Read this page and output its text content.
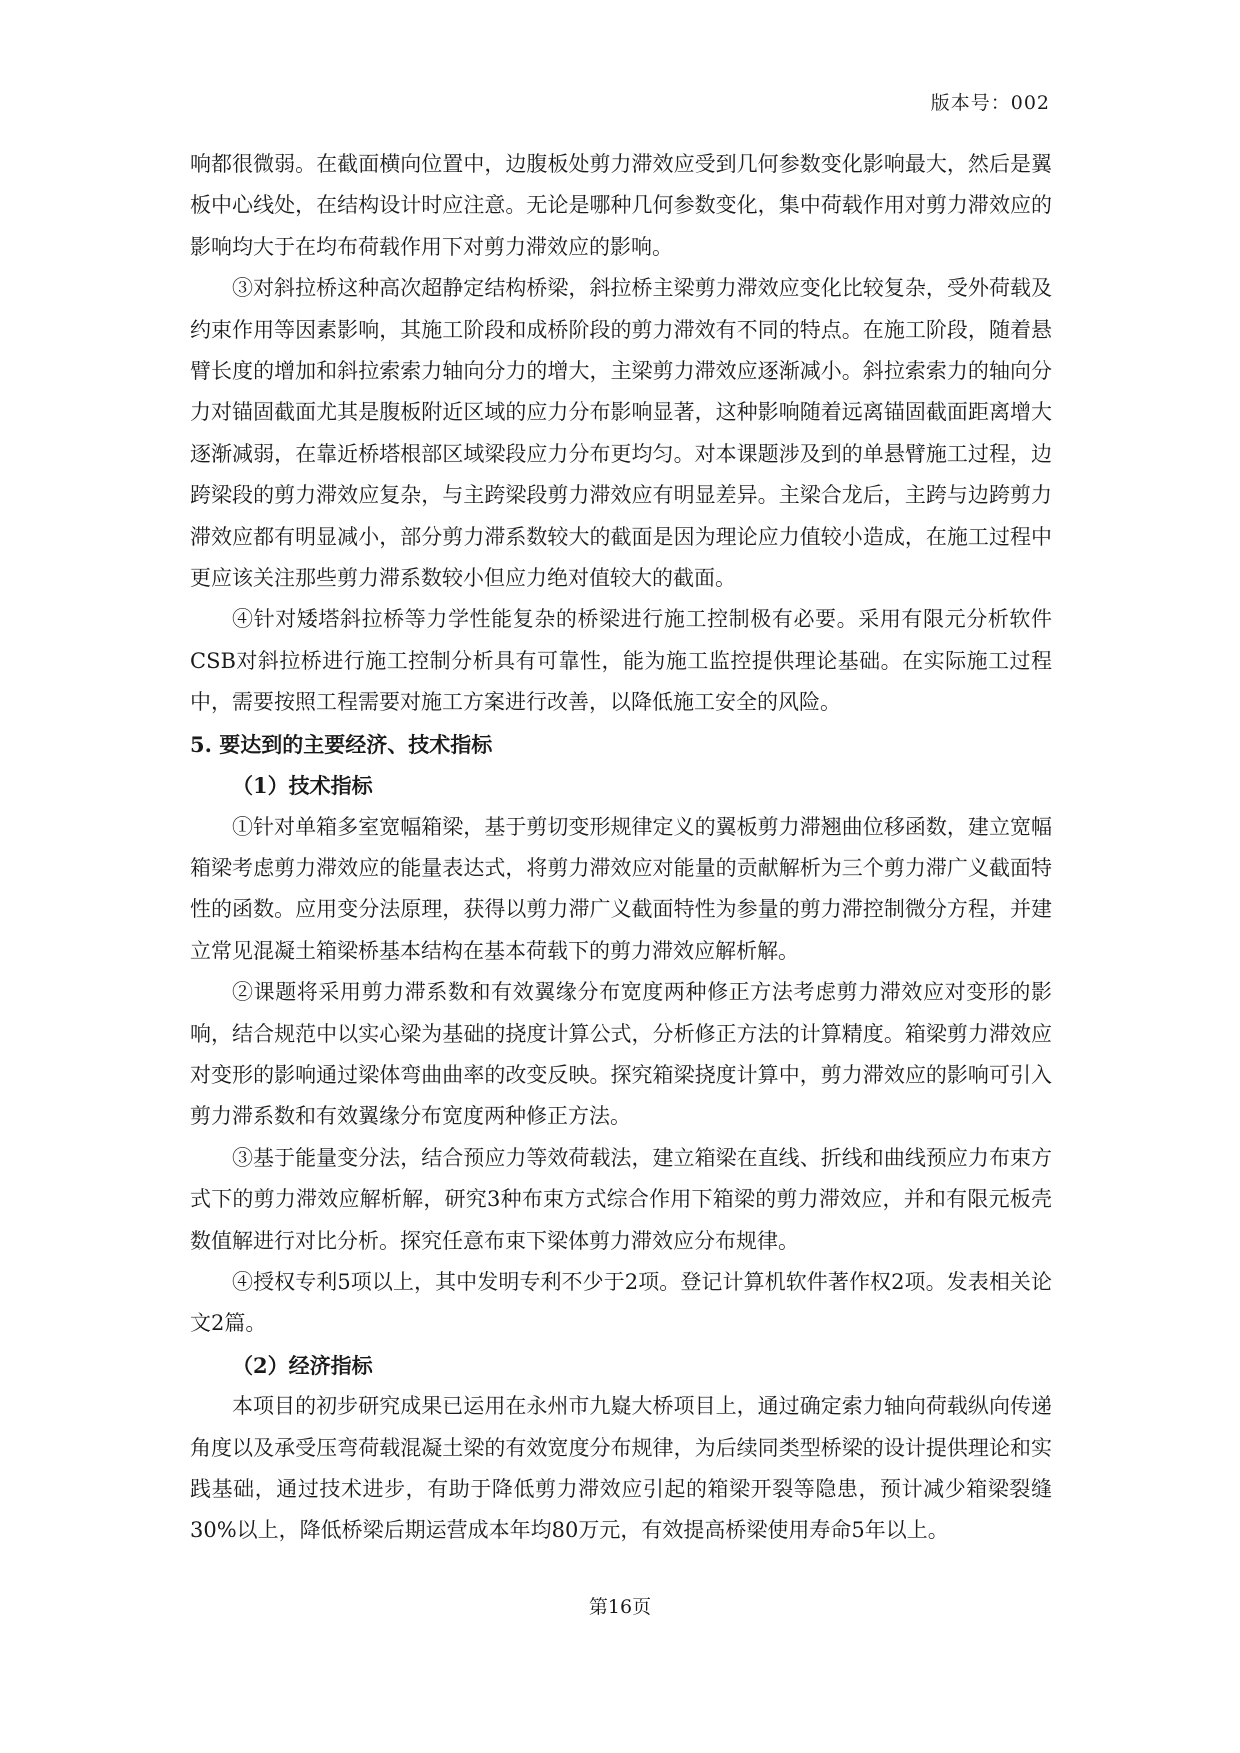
版本号：002

响都很微弱。在截面横向位置中，边腹板处剪力滞效应受到几何参数变化影响最大，然后是翼板中心线处，在结构设计时应注意。无论是哪种几何参数变化，集中荷载作用对剪力滞效应的影响均大于在均布荷载作用下对剪力滞效应的影响。

③对斜拉桥这种高次超静定结构桥梁，斜拉桥主梁剪力滞效应变化比较复杂，受外荷载及约束作用等因素影响，其施工阶段和成桥阶段的剪力滞效有不同的特点。在施工阶段，随着悬臂长度的增加和斜拉索索力轴向分力的增大，主梁剪力滞效应逐渐减小。斜拉索索力的轴向分力对锚固截面尤其是腹板附近区域的应力分布影响显著，这种影响随着远离锚固截面距离增大逐渐减弱，在靠近桥塔根部区域梁段应力分布更均匀。对本课题涉及到的单悬臂施工过程，边跨梁段的剪力滞效应复杂，与主跨梁段剪力滞效应有明显差异。主梁合龙后，主跨与边跨剪力滞效应都有明显减小，部分剪力滞系数较大的截面是因为理论应力值较小造成，在施工过程中更应该关注那些剪力滞系数较小但应力绝对值较大的截面。

④针对矮塔斜拉桥等力学性能复杂的桥梁进行施工控制极有必要。采用有限元分析软件CSB对斜拉桥进行施工控制分析具有可靠性，能为施工监控提供理论基础。在实际施工过程中，需要按照工程需要对施工方案进行改善，以降低施工安全的风险。

5. 要达到的主要经济、技术指标
（1）技术指标

①针对单箱多室宽幅箱梁，基于剪切变形规律定义的翼板剪力滞翘曲位移函数，建立宽幅箱梁考虑剪力滞效应的能量表达式，将剪力滞效应对能量的贡献解析为三个剪力滞广义截面特性的函数。应用变分法原理，获得以剪力滞广义截面特性为参量的剪力滞控制微分方程，并建立常见混凝土箱梁桥基本结构在基本荷载下的剪力滞效应解析解。

②课题将采用剪力滞系数和有效翼缘分布宽度两种修正方法考虑剪力滞效应对变形的影响，结合规范中以实心梁为基础的挠度计算公式，分析修正方法的计算精度。箱梁剪力滞效应对变形的影响通过梁体弯曲曲率的改变反映。探究箱梁挠度计算中，剪力滞效应的影响可引入剪力滞系数和有效翼缘分布宽度两种修正方法。

③基于能量变分法，结合预应力等效荷载法，建立箱梁在直线、折线和曲线预应力布束方式下的剪力滞效应解析解，研究3种布束方式综合作用下箱梁的剪力滞效应，并和有限元板壳数值解进行对比分析。探究任意布束下梁体剪力滞效应分布规律。

④授权专利5项以上，其中发明专利不少于2项。登记计算机软件著作权2项。发表相关论文2篇。

（2）经济指标

本项目的初步研究成果已运用在永州市九嶷大桥项目上，通过确定索力轴向荷载纵向传递角度以及承受压弯荷载混凝土梁的有效宽度分布规律，为后续同类型桥梁的设计提供理论和实践基础，通过技术进步，有助于降低剪力滞效应引起的箱梁开裂等隐患，预计减少箱梁裂缝30%以上，降低桥梁后期运营成本年均80万元，有效提高桥梁使用寿命5年以上。

第16页
